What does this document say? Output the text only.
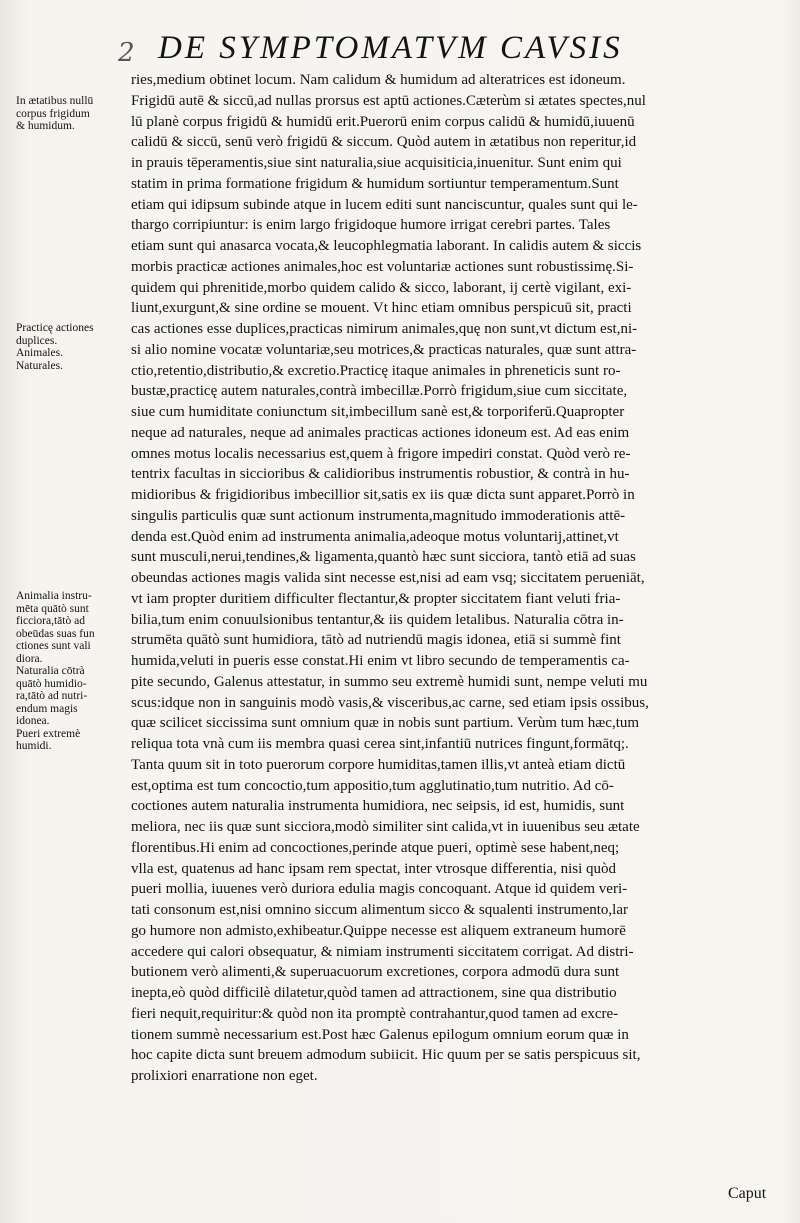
2 DE SYMPTOMATVM CAVSIS
In ætatibus nullū
corpus frigidum
& humidum.
Practicę actiones
duplices.
Animales.
Naturales.
Animalia instru-
mēta quātò sunt
ficciora,tātò ad
obeūdas suas fun
ctiones sunt vali
diora.
Naturalia cōtrà
quātò humidio-
ra,tātò ad nutri-
endum magis
idonea.
Pueri extremè
humidi.
ries,medium obtinet locum. Nam calidum & humidum ad alteratrices est idoneum.
Frigidū autē & siccū,ad nullas prorsus est aptū actiones.Cæterùm si ætates spectes,nul
lū planè corpus frigidū & humidū erit.Puerorū enim corpus calidū & humidū,iuuenū
calidū & siccū, senū verò frigidū & siccum. Quòd autem in ætatibus non reperitur,id
in prauis tēperamentis,siue sint naturalia,siue acquisiticia,inuenitur. Sunt enim qui
statim in prima formatione frigidum & humidum sortiuntur temperamentum.Sunt
etiam qui idipsum subinde atque in lucem editi sunt nanciscuntur, quales sunt qui le-
thargo corripiuntur: is enim largo frigidoque humore irrigat cerebri partes. Tales
etiam sunt qui anasarca vocata,& leucophlegmatia laborant. In calidis autem & siccis
morbis practicæ actiones animales,hoc est voluntariæ actiones sunt robustissimę.Si-
quidem qui phrenitide,morbo quidem calido & sicco, laborant, ij certè vigilant, exi-
liunt,exurgunt,& sine ordine se mouent. Vt hinc etiam omnibus perspicuū sit, practi
cas actiones esse duplices,practicas nimirum animales,quę non sunt,vt dictum est,ni-
si alio nomine vocatæ voluntariæ,seu motrices,& practicas naturales, quæ sunt attra-
ctio,retentio,distributio,& excretio.Practicę itaque animales in phreneticis sunt ro-
bustæ,practicę autem naturales,contrà imbecillæ.Porrò frigidum,siue cum siccitate,
siue cum humiditate coniunctum sit,imbecillum sanè est,& torporiferū.Quapropter
neque ad naturales, neque ad animales practicas actiones idoneum est. Ad eas enim
omnes motus localis necessarius est,quem à frigore impediri constat. Quòd verò re-
tentrix facultas in siccioribus & calidioribus instrumentis robustior, & contrà in hu-
midioribus & frigidioribus imbecillior sit,satis ex iis quæ dicta sunt apparet.Porrò in
singulis particulis quæ sunt actionum instrumenta,magnitudo immoderationis attē-
denda est.Quòd enim ad instrumenta animalia,adeoque motus voluntarij,attinet,vt
sunt musculi,nerui,tendines,& ligamenta,quantò hæc sunt sicciora, tantò etiā ad suas
obeundas actiones magis valida sint necesse est,nisi ad eam vsq; siccitatem perueniāt,
vt iam propter duritiem difficulter flectantur,& propter siccitatem fiant veluti fria-
bilia,tum enim conuulsionibus tentantur,& iis quidem letalibus. Naturalia cōtra in-
strumēta quātò sunt humidiora, tātò ad nutriendū magis idonea, etiā si summè fint
humida,veluti in pueris esse constat.Hi enim vt libro secundo de temperamentis ca-
pite secundo, Galenus attestatur, in summo seu extremè humidi sunt, nempe veluti mu
scus:idque non in sanguinis modò vasis,& visceribus,ac carne, sed etiam ipsis ossibus,
quæ scilicet siccissima sunt omnium quæ in nobis sunt partium. Verùm tum hæc,tum
reliqua tota vnà cum iis membra quasi cerea sint,infantiū nutrices fingunt,formātq;.
Tanta quum sit in toto puerorum corpore humiditas,tamen illis,vt anteà etiam dictū
est,optima est tum concoctio,tum appositio,tum agglutinatio,tum nutritio. Ad cō-
coctiones autem naturalia instrumenta humidiora, nec seipsis, id est, humidis, sunt
meliora, nec iis quæ sunt sicciora,modò similiter sint calida,vt in iuuenibus seu ætate
florentibus.Hi enim ad concoctiones,perinde atque pueri, optimè sese habent,neq;
vlla est, quatenus ad hanc ipsam rem spectat, inter vtrosque differentia, nisi quòd
pueri mollia, iuuenes verò duriora edulia magis concoquant. Atque id quidem veri-
tati consonum est,nisi omnino siccum alimentum sicco & squalenti instrumento,lar
go humore non admisto,exhibeatur.Quippe necesse est aliquem extraneum humorē
accedere qui calori obsequatur, & nimiam instrumenti siccitatem corrigat. Ad distri-
butionem verò alimenti,& superuacuorum excretiones, corpora admodū dura sunt
inepta,eò quòd difficilè dilatetur,quòd tamen ad attractionem, sine qua distributio
fieri nequit,requiritur:& quòd non ita promptè contrahantur,quod tamen ad excre-
tionem summè necessarium est.Post hæc Galenus epilogum omnium eorum quæ in
hoc capite dicta sunt breuem admodum subiicit. Hic quum per se satis perspicuus sit,
prolixiori enarratione non eget.
Caput
